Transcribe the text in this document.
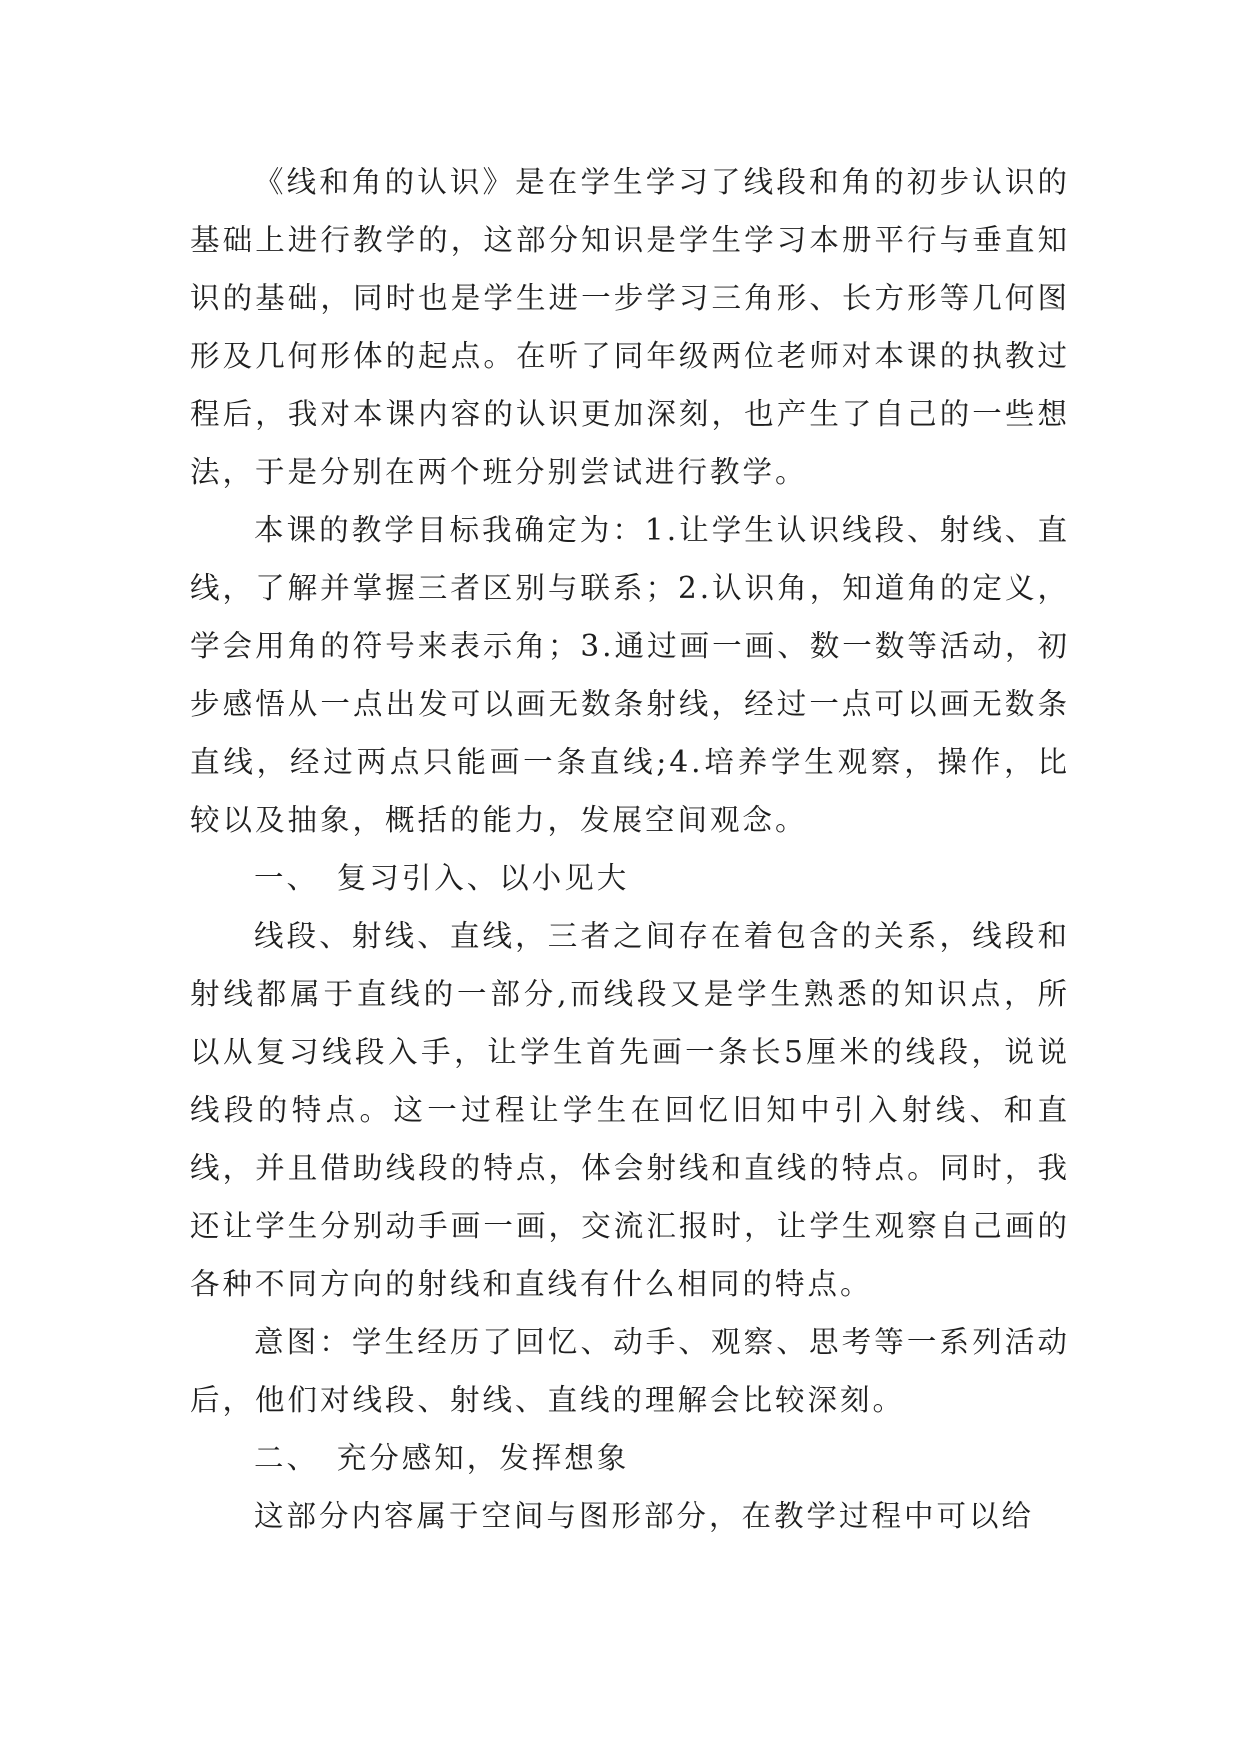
《线和角的认识》是在学生学习了线段和角的初步认识的基础上进行教学的，这部分知识是学生学习本册平行与垂直知识的基础，同时也是学生进一步学习三角形、长方形等几何图形及几何形体的起点。在听了同年级两位老师对本课的执教过程后，我对本课内容的认识更加深刻，也产生了自己的一些想法，于是分别在两个班分别尝试进行教学。

本课的教学目标我确定为：1.让学生认识线段、射线、直线，了解并掌握三者区别与联系；2.认识角，知道角的定义，学会用角的符号来表示角；3.通过画一画、数一数等活动，初步感悟从一点出发可以画无数条射线，经过一点可以画无数条直线，经过两点只能画一条直线;4.培养学生观察，操作，比较以及抽象，概括的能力，发展空间观念。

一、　复习引入、以小见大

线段、射线、直线，三者之间存在着包含的关系，线段和射线都属于直线的一部分,而线段又是学生熟悉的知识点，所以从复习线段入手，让学生首先画一条长5厘米的线段，说说线段的特点。这一过程让学生在回忆旧知中引入射线、和直线，并且借助线段的特点，体会射线和直线的特点。同时，我还让学生分别动手画一画，交流汇报时，让学生观察自己画的各种不同方向的射线和直线有什么相同的特点。

意图：学生经历了回忆、动手、观察、思考等一系列活动后，他们对线段、射线、直线的理解会比较深刻。

二、　充分感知，发挥想象

这部分内容属于空间与图形部分，在教学过程中可以给
